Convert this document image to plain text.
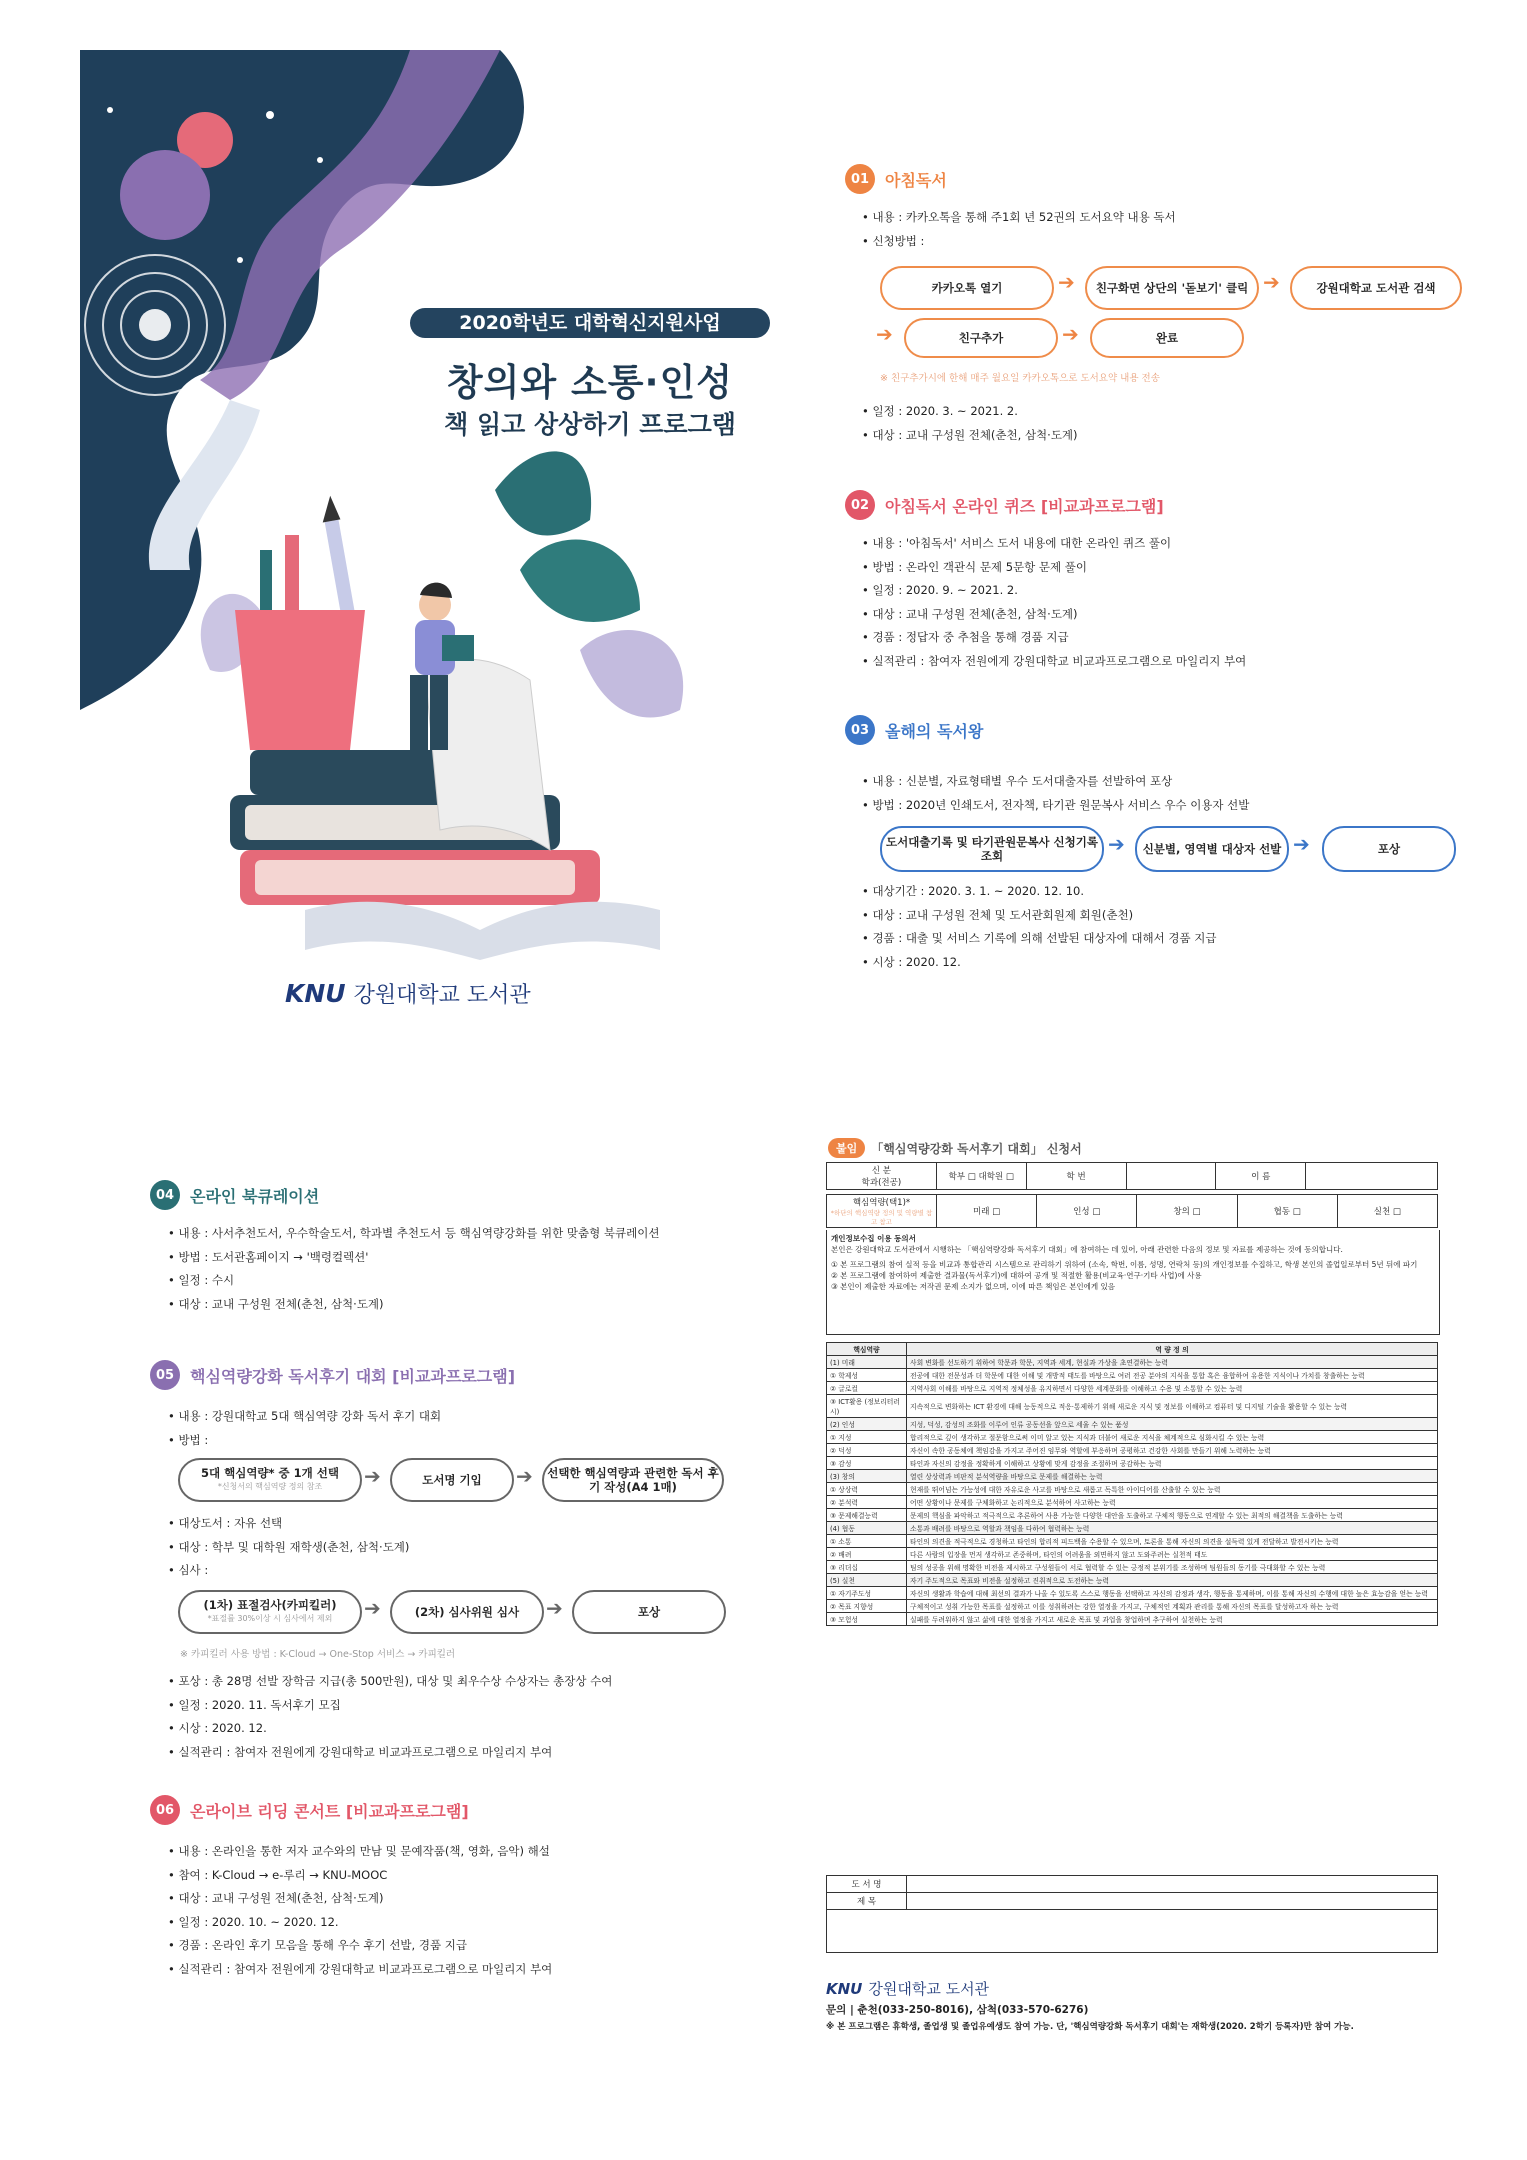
2020학년도 대학혁신지원사업
창의와 소통·인성
책 읽고 상상하기 프로그램
KNU 강원대학교 도서관
01 아침독서
• 내용 : 카카오톡을 통해 주1회 년 52권의 도서요약 내용 독서
• 신청방법 :
카카오톡 열기	➔	친구화면 상단의 '돋보기' 클릭 ➔	강원대학교 도서관 검색
➔	친구추가	➔	완료
※ 친구추가시에 한해 매주 월요일 카카오톡으로 도서요약 내용 전송
• 일정 : 2020. 3. ~ 2021. 2.
• 대상 : 교내 구성원 전체(춘천, 삼척·도계)
02 아침독서 온라인 퀴즈 [비교과프로그램]
• 내용 : '아침독서' 서비스 도서 내용에 대한 온라인 퀴즈 풀이
• 방법 : 온라인 객관식 문제 5문항 문제 풀이
• 일정 : 2020. 9. ~ 2021. 2.
• 대상 : 교내 구성원 전체(춘천, 삼척·도계)
• 경품 : 정답자 중 추첨을 통해 경품 지급
• 실적관리 : 참여자 전원에게 강원대학교 비교과프로그램으로 마일리지 부여
03 올해의 독서왕
• 내용 : 신분별, 자료형태별 우수 도서대출자를 선발하여 포상
• 방법 : 2020년 인쇄도서, 전자책, 타기관 원문복사 서비스 우수 이용자 선발
도서대출기록 및 타기관원문복사 신청기록 조회	➔	신분별, 영역별 대상자 선발 ➔	포상
• 대상기간 : 2020. 3. 1. ~ 2020. 12. 10.
• 대상 : 교내 구성원 전체 및 도서관회원제 회원(춘천)
• 경품 : 대출 및 서비스 기록에 의해 선발된 대상자에 대해서 경품 지급
• 시상 : 2020. 12.
04 온라인 북큐레이션
• 내용 : 사서추천도서, 우수학술도서, 학과별 추천도서 등 핵심역량강화를 위한 맞춤형 북큐레이션
• 방법 : 도서관홈페이지 → '백령컬렉션'
• 일정 : 수시
• 대상 : 교내 구성원 전체(춘천, 삼척·도계)
05 핵심역량강화 독서후기 대회 [비교과프로그램]
• 내용 : 강원대학교 5대 핵심역량 강화 독서 후기 대회
• 방법 :
5대 핵심역량* 중 1개 선택
*신청서의 핵심역량 정의 참조 ➔	도서명 기입	➔	선택한 핵심역량과 관련한 독서 후기 작성(A4 1매)
• 대상도서 : 자유 선택
• 대상 : 학부 및 대학원 재학생(춘천, 삼척·도계)
• 심사 :
(1차) 표절검사(카피킬러)
*표절률 30%이상 시 심사에서 제외 ➔	(2차) 심사위원 심사	➔	포상
※ 카피킬러 사용 방법 : K-Cloud → One-Stop 서비스 → 카피킬러
• 포상 : 총 28명 선발 장학금 지급(총 500만원), 대상 및 최우수상 수상자는 총장상 수여
• 일정 : 2020. 11. 독서후기 모집
• 시상 : 2020. 12.
• 실적관리 : 참여자 전원에게 강원대학교 비교과프로그램으로 마일리지 부여
06 온라이브 리딩 콘서트 [비교과프로그램]
• 내용 : 온라인을 통한 저자 교수와의 만남 및 문예작품(책, 영화, 음악) 해설
• 참여 : K-Cloud → e-루리 → KNU-MOOC
• 대상 : 교내 구성원 전체(춘천, 삼척·도계)
• 일정 : 2020. 10. ~ 2020. 12.
• 경품 : 온라인 후기 모음을 통해 우수 후기 선발, 경품 지급
• 실적관리 : 참여자 전원에게 강원대학교 비교과프로그램으로 마일리지 부여
붙임	「핵심역량강화 독서후기 대회」 신청서
신 분
학과(전공)
	학부 □ 대학원 □	학 번		이 름	
핵심역량(택1)*
*하단의 핵심역량 정의 및 역량별 참고 참고
	미래 □	인성 □	창의 □	협동 □	실천 □
개인정보수집 이용 동의서
본인은 강원대학교 도서관에서 시행하는 「핵심역량강화 독서후기 대회」에 참여하는 데 있어, 아래 관련한 다음의 정보 및 자료를 제공하는 것에 동의합니다.
① 본 프로그램의 참여 실적 등을 비교과 통합관리 시스템으로 관리하기 위하여 (소속, 학번, 이름, 성명, 연락처 등)의 개인정보를 수집하고, 학생 본인의 졸업일로부터 5년 뒤에 파기
② 본 프로그램에 참여하여 제출한 결과물(독서후기)에 대하여 공개 및 적절한 활용(비교육·연구·기타 사업)에 사용
③ 본인이 제출한 자료에는 저작권 문제 소지가 없으며, 이에 따른 책임은 본인에게 있음
핵심역량	역 량 정 의
(1) 미래	사회 변화를 선도하기 위하여 학문과 학문, 지역과 세계, 현실과 가상을 초연결하는 능력
① 학제성	전공에 대한 전문성과 더 학문에 대한 이해 및 개방적 태도를 바탕으로 여러 전공 분야의 지식을 통합 혹은 융합하여 유용한 지식이나 가치를 창출하는 능력
② 글로컬	지역사회 이해를 바탕으로 지역적 정체성을 유지하면서 다양한 세계문화를 이해하고 수용 및 소통할 수 있는 능력
③ ICT활용 (정보리터러시)	지속적으로 변화하는 ICT 환경에 대해 능동적으로 적응·통제하기 위해 새로운 지식 및 정보를 이해하고 컴퓨터 및 디지털 기술을 활용할 수 있는 능력
(2) 인성	지성, 덕성, 감성의 조화를 이루어 인류 공동선을 앞으로 세울 수 있는 품성
① 지성	합리적으로 깊이 생각하고 절문함으로써 이미 알고 있는 지식과 더불어 새로운 지식을 체계적으로 심화시킬 수 있는 능력
② 덕성	자신이 속한 공동체에 책임감을 가지고 주어진 임무와 역할에 부응하며 공평하고 건강한 사회를 만들기 위해 노력하는 능력
③ 감성	타인과 자신의 감정을 정확하게 이해하고 상황에 맞게 감정을 조절하며 공감하는 능력
(3) 창의	열린 상상력과 비판적 분석역량을 바탕으로 문제를 해결하는 능력
① 상상력	현재를 뛰어넘는 가능성에 대한 자유로운 사고를 바탕으로 새롭고 독특한 아이디어를 산출할 수 있는 능력
② 분석력	어떤 상황이나 문제를 구체화하고 논리적으로 분석하여 사고하는 능력
③ 문제해결능력	문제의 핵심을 파악하고 적극적으로 추론하여 사용 가능한 다양한 대안을 도출하고 구체적 행동으로 연계할 수 있는 최적의 해결책을 도출하는 능력
(4) 협동	소통과 배려를 바탕으로 역할과 책임을 다하여 협력하는 능력
① 소통	타인의 의견을 적극적으로 경청하고 타인의 합리적 피드백을 수용할 수 있으며, 토론을 통해 자신의 의견을 설득력 있게 전달하고 발전시키는 능력
② 배려	다른 사람의 입장을 먼저 생각하고 존중하며, 타인의 어려움을 외면하지 않고 도와주려는 실천적 태도
③ 리더십	팀의 성공을 위해 명확한 비전을 제시하고 구성원들이 서로 협력할 수 있는 긍정적 분위기를 조성하며 팀원들의 동기를 극대화할 수 있는 능력
(5) 실천	자기 주도적으로 목표와 비전을 설정하고 진취적으로 도전하는 능력
① 자기주도성	자신의 생활과 학습에 대해 최선의 결과가 나올 수 있도록 스스로 행동을 선택하고 자신의 감정과 생각, 행동을 통제하며, 이를 통해 자신의 수행에 대한 높은 효능감을 얻는 능력
② 목표 지향성	구체적이고 성취 가능한 목표를 설정하고 이를 성취하려는 강한 열정을 가지고, 구체적인 계획과 관리를 통해 자신의 목표를 달성하고자 하는 능력
③ 모험성	실패를 두려워하지 않고 삶에 대한 열정을 가지고 새로운 목표 및 과업을 창업하며 추구하여 실천하는 능력
도 서 명	
제 목	

KNU 강원대학교 도서관
문의 | 춘천(033-250-8016), 삼척(033-570-6276)
※ 본 프로그램은 휴학생, 졸업생 및 졸업유예생도 참여 가능. 단, '핵심역량강화 독서후기 대회'는 재학생(2020. 2학기 등록자)만 참여 가능.
